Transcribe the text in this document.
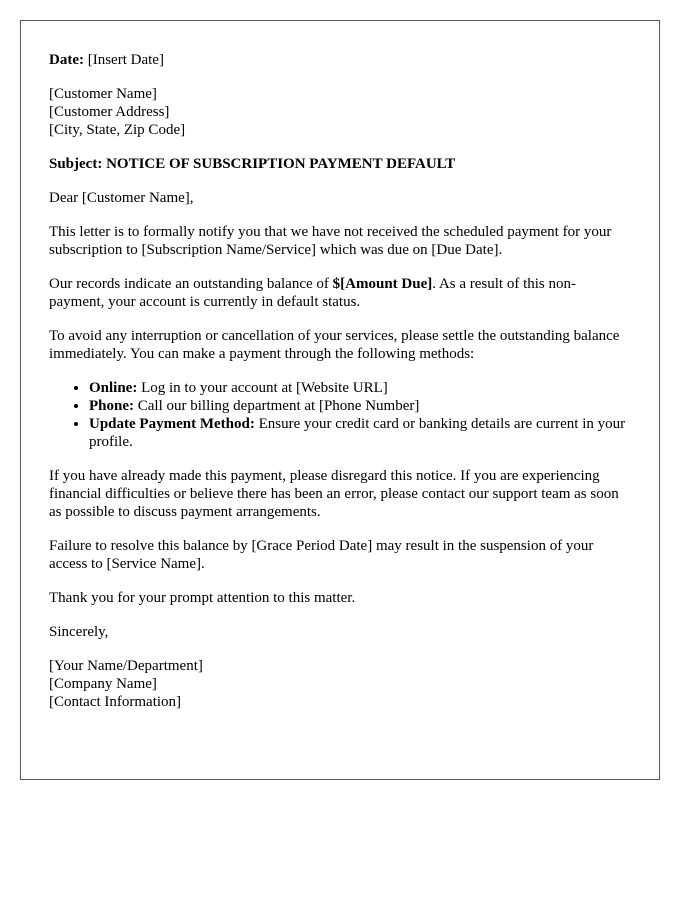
Date: [Insert Date]

[Customer Name]
[Customer Address]
[City, State, Zip Code]

Subject: NOTICE OF SUBSCRIPTION PAYMENT DEFAULT

Dear [Customer Name],

This letter is to formally notify you that we have not received the scheduled payment for your subscription to [Subscription Name/Service] which was due on [Due Date].

Our records indicate an outstanding balance of $[Amount Due]. As a result of this non-payment, your account is currently in default status.

To avoid any interruption or cancellation of your services, please settle the outstanding balance immediately. You can make a payment through the following methods:

• Online: Log in to your account at [Website URL]
• Phone: Call our billing department at [Phone Number]
• Update Payment Method: Ensure your credit card or banking details are current in your profile.

If you have already made this payment, please disregard this notice. If you are experiencing financial difficulties or believe there has been an error, please contact our support team as soon as possible to discuss payment arrangements.

Failure to resolve this balance by [Grace Period Date] may result in the suspension of your access to [Service Name].

Thank you for your prompt attention to this matter.

Sincerely,

[Your Name/Department]
[Company Name]
[Contact Information]
